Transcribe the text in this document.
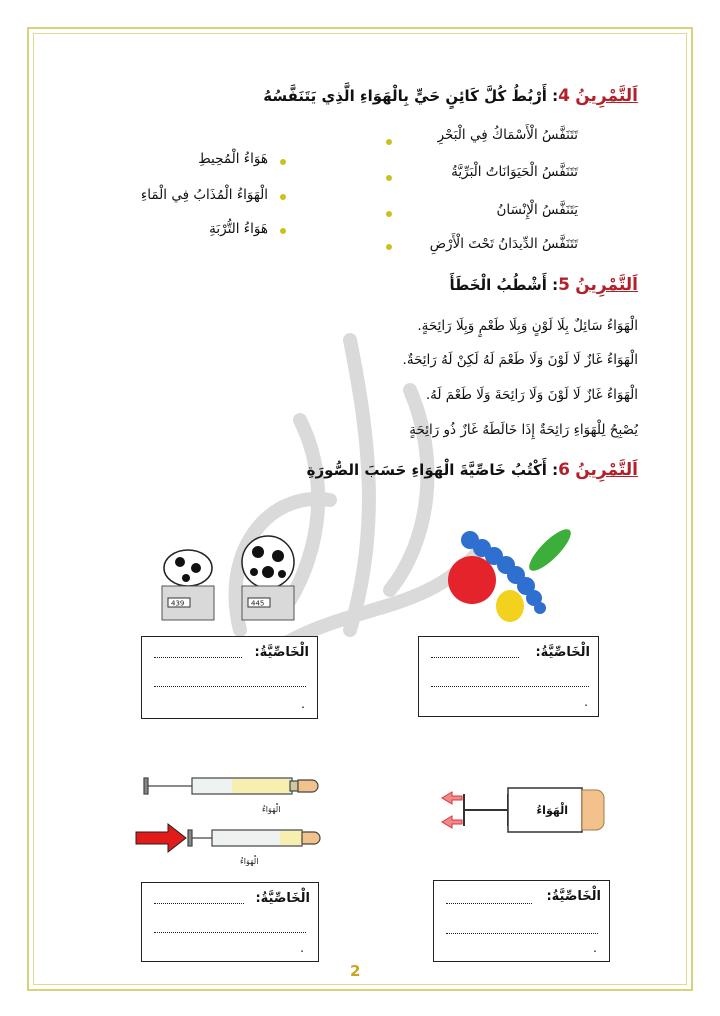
اَلتَّمْرِينُ 4: أَرْبُطُ كُلَّ كَائِنٍ حَيٍّ بِالْهَوَاءِ الَّذِي يَتَنَفَّسُهُ
تَتَنَفَّسُ الْأَسْمَاكُ فِي الْبَحْرِ
تَتَنَفَّسُ الْحَيَوَانَاتُ الْبَرِّيَّةُ
يَتَنَفَّسُ الْإِنْسَانُ
تَتَنَفَّسُ الدِّيدَانُ تَحْتَ الْأَرْضِ
هَوَاءُ الْمُحِيطِ
الْهَوَاءُ الْمُذَابُ فِي الْمَاءِ
هَوَاءُ التُّرْبَةِ
اَلتَّمْرِينُ 5: أَشْطُبُ الْخَطَأَ
الْهَوَاءُ سَائِلٌ بِلَا لَوْنٍ وَبِلَا طَعْمٍ وَبِلَا رَائِحَةٍ.
الْهَوَاءُ غَازٌ لَا لَوْنَ وَلَا طَعْمَ لَهُ لَكِنْ لَهُ رَائِحَةٌ.
الْهَوَاءُ غَازٌ لَا لَوْنَ وَلَا رَائِحَةَ وَلَا طَعْمَ لَهُ.
يُصْبِحُ لِلْهَوَاءِ رَائِحَةٌ إِذَا خَالَطَهُ غَازٌ ذُو رَائِحَةٍ
اَلتَّمْرِينُ 6: أَكْتُبُ خَاصِّيَّةَ الْهَوَاءِ حَسَبَ الصُّورَةِ
439	445
الْخَاصِّيَّةُ:
.
الْخَاصِّيَّةُ:
.
الْهَوَاءُ
الْهَوَاءُ
الْهَوَاءُ
الْخَاصِّيَّةُ:
.
الْخَاصِّيَّةُ:
.
2
